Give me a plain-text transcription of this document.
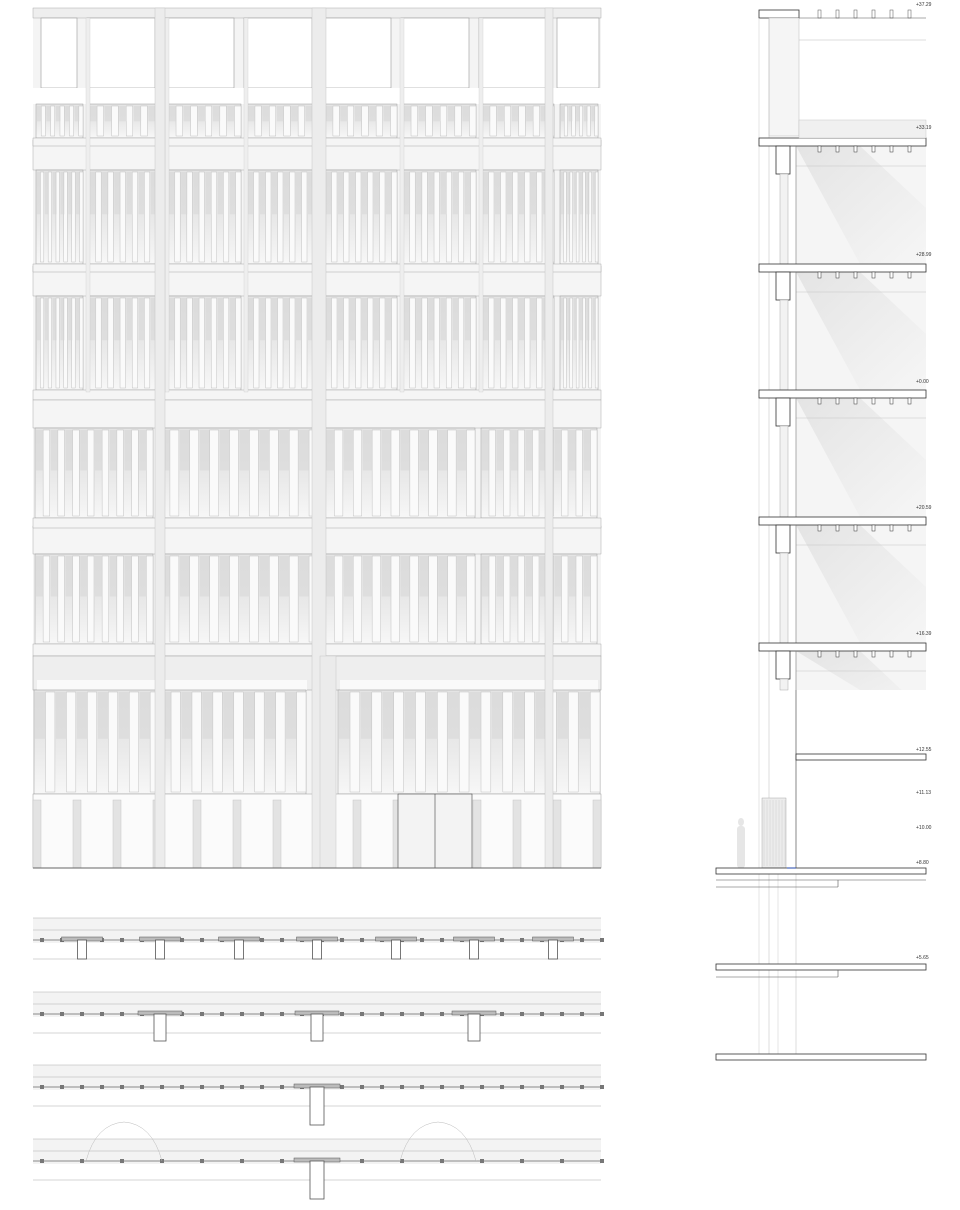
+37.29
+33.19
+28.99
+0.00
+20.59
+16.39
+12.55
+11.13
+10.00
+8.80
+5.65
